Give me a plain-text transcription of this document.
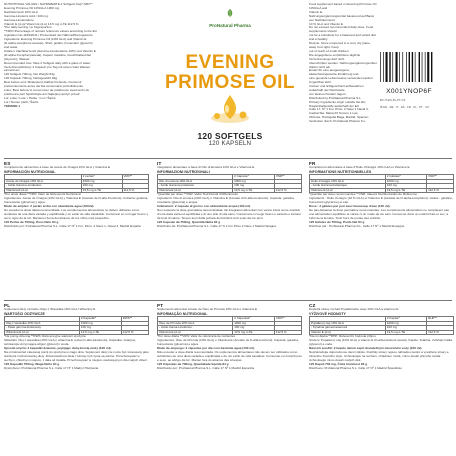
NUTRITIONAL VALUES / NÄHRWERTE 2 Softgels/ Kap* NRV**
Evening Primrose Oil 10%GLA 1000 mg
Nachtkerzenöl 10% GLA
Gamma-Linolenic Acid / 100 mg
Gamma-Linolensäure
Vitamin E (d-α)/ Vitamin E (d-α) 13.5 mg α-TE 112.5 %
*Per daily serving / je Tagesportion
**NRV=Percentage of nutrient reference values according to the EU
regulation No.1169/2011 / Prozentsatz der Nährstoffbezugswerte
Ingredients: Evening Primrose Oil (10% GLA) and Vitamin E
(D-alpha-tocopherol acetate). Shell: gelatin, humectant (glycerin)
and water.
Zutaten: Nachtkerzenöl (Gamma-Linolensäure 10%) und Vitamin E
(D-alpha-Tocopherylacetat). Kapsel: Gelatine, Feuchthaltemittel
(Glycerin), Wasser.
Recommended Use: Take 2 Softgels daily with a glass of water.
Verzehrempfehlung: 2 Kapseln pro Tag mit einem Glas Wasser
einnehmen.
120 Softgels 700mg, Net Weight 84g
120 Kapseln 700mg, Nettogewicht 84g
Best before end: Mindestens haltbar bis Ende: Consumir
preferentemente antes de/ Da consumarsi preferibilmente
entro: Best before/ A consommer de préférence avant la fin de
préférence par/ Spotřebujte do/ Najlepiej spożyć przed/
Lot: Lotto / Lote: / Partie: / Lot / Šarže:
Lot / Numer partii / Šarže
70835NO-1
ProNatural Pharma
EVENING
PRIMOSE OIL
120 SOFTGELS
120 KAPSELN
Food supplement based on Evening Primrose Oil 10%GLA and
Vitamin E.
Nahrungsergänzungsmittel basierend auf Basis von Nachtkerzenöl
10 % GLA und Vitamin E
Do not exceed recommended daily dose. Food supplements should
not be a substitute for a balanced and varied diet and a healthy
lifestyle. Store unopened in a cool, dry place, away from light. Keep
out of reach of small children.
Die angegebene empfohlene tägliche Verzehrsmenge darf nicht
überschritten werden. Nahrungsergänzungsmittel dürfen nicht als
Ersatz für eine ausgewogene, abwechslungsreiche Ernährung und
eine gesunde Lebensweise verwendet werden. Ungeöffnet kühl,
trocken und lichtgeschützt aufbewahren. Außerhalb der Reichweite
von kleinen Kindern lagern.
Distributed by ProNatural Pharma S.L.
Primary Ingredients origin outside the EU.
Hauptinhaltsstoffe außerhalb der EU
Calle 17, Nº 1 Km. Pinto, 2 Nave 1 Naval 3,
Capital Sta. Maria 03 Tercero 1 Las,
Oficinas, Hartogulla Baga, Madrid, Spanien
Vertrieben durch: ProNatural Pharma S.L.
X001YNOP6F
BC-IT-ES-PL-PT-CZ
♻ EN · DE · IT · ES · FR · PL · PT · CZ
ES
Complemento alimenticio a base de Aceite de Onagra 10% GLA y Vitamina E
INFORMACIÓN NUTRICIONAL
	2 perlas*	VRN**
Aceite de Onagra 10% GLA	1000 mg	
- Ácido Gamma-Linolénico	100 mg	
Vitamina E (d-α)	13,5 mg α-TE	112,5 %
*Por dosis diaria **VRN: Valor de Referencia Nutricional
Ingredientes: Aceite de Onagra (10% GLA) y Vitamina E (Acetato de D-alfa-Tocoferol). Cubierta: gelatina, humectante (glicerina) y agua.
Modo de empleo: 2 perlas al día con abundante agua (100ml).
No exceder la dosis diaria recomendada. Los complementos alimenticios no deben utilizarse como sustitutos de una dieta variada y equilibrada y un estilo de vida saludable. Conservar en un lugar fresco y seco, lejos de la luz. Mantener fuera del alcance de los niños más pequeños.
120 Perlas de 700mg, Peso Neto 84 g
Distribuido por: ProNatural Pharma S.L. Calle 17 Nº 1 Km. Pinto. 2 Nave 1, Naval 3, Madrid España
IT
Integratore alimentare a base di Olio di Enotera 10% GLA e Vitamina E
INFORMAZIONI NUTRIZIONALI
	2 Capsule*	VNR**
Olio di enotera 10% GLA	1000 mg	
- Acido Gamma-Linolenico	100 mg	
Vitamina E (d-α)	13,5 mg α-TE	112,5 %
*Quantità per dose **VNR: Valori Nutrizionali di Riferimento
Ingredienti: Olio di enotera (10% GLA) e Vitamina E (Acetato di D-alfa-tocoferolo). Capsula: gelatina, umettante (glicerina) e acqua.
Indicazioni: 2 capsule al giorno con abbondante acqua (100 ml).
Non superare la dose giornaliera raccomandata. Gli integratori alimentari non vanno intesi come sostituti di una dieta varia ed equilibrata e di uno stile di vita sano. Conservare in luogo fresco e asciutto e lontano da fonti di calore. Tenere fuori dalla portata dei bambini al di sotto dei tre anni.
120 Capsule da 700mg, Quantità Netta 84 g
Distribuito da: ProNatural Pharma S.L. Calle 17 N 1 Km Pinto 2 Nave 1 Madrid Spagna
FR
Complément alimentaire à base d'Huile d'Onagre 10% GLA et Vitamine E
INFORMATIONS NUTRITIONNELLES
	2 Gélules*	VNR**
Huile d'onagre 10% GLA	1000 mg	
- Acide Gamma-linolénique	100 mg	
Vitamine E (d-α)	13,5 mg α-TE	112,5 %
*Quantité par dose recommandée **VNR: Valeurs Nutritionnelles de Référence
Ingrédients : Huile d'onagre (10 % GLA) et Vitamine E (Acétate de D-alpha-tocophérol). Gélule : gélatine, humectant (glycérine) et eau.
Dose : 2 gélules par jour avec beaucoup d'eau (100 ml).
Ne pas dépasser la dose journalière recommandée. Les compléments alimentaires ne remplacent pas une alimentation équilibrée et variée ni un mode de vie sain. Conserver dans un endroit frais et sec, à l'abri de la lumière. Tenir hors de portée des enfants.
120 Gélules de 700mg, Poids Net 84 g
Distribué par : ProNatural Pharma S.L. Calle 17 Nº 1 Madrid Espagne
PL
Suplement diety na bazie Oleju z Wiesiołka 10% GLA i Witaminy E
WARTOŚCI ODŻYWCZE
	2 Kapsułki*	RWS**
Olej z wiesiołka 10% GLA	1000 mg	
- Kwas gamma-linolenowy	100 mg	
Witamina E (d-α)	13,5 mg α-TE	112,5 %
*Na porcję dzienną **RWS: Referencyjne wartości spożycia
Składniki: Olej z wiesiołka (10% GLA) i witamina E (octan D-alfa-tokoferolu). Kapsułka: żelatyna, substancja utrzymująca wilgoć (glicerol) i woda.
Sposób użycia: 2 kapsułki dziennie, popijając dużą ilością wody (100 ml).
Nie przekraczać zalecanej porcji do spożycia w ciągu dnia. Suplement diety nie może być stosowany jako substytut zróżnicowanej diety. Zrównoważona dieta i zdrowy tryb życia są ważne. Przechowywać w suchym, chłodnym miejscu, z dala od światła. Przechowywać w miejscu niedostępnym dla małych dzieci.
120 Kapsułki 700mg, Waga Netto 84 g
Dystrybutor: ProNatural Pharma S.L. Calle 17 Nº 1 Madryt Hiszpania
PT
Suplemento alimentar à base de Óleo de Prímula 10% GLA e Vitamina E
INFORMAÇÃO NUTRICIONAL
	2 Cápsulas*	VRN**
Óleo de Prímula 10% GLA	1000 mg	
- Ácido Gama-Linolénico	100 mg	
Vitamina E (d-α)	13,5 mg α-TE	112,5 %
*Por dose diária **VRN: Valor de referência de nutrientes
Ingredientes: Óleo de Prímula (10% GLA) e Vitamina E (Acetato de D-alfa-tocoferol). Cápsula: gelatina, humectante (glicerina) e água.
Modo de emprego: 2 cápsulas por dia com bastante água (100 ml).
Não exceder a dose diária recomendada. Os suplementos alimentares não devem ser utilizados como substitutos de uma dieta variada e equilibrada e de um estilo de vida saudável. Conservar em local fresco e seco, ao abrigo da luz. Manter fora do alcance das crianças.
120 Cápsulas de 700mg, Quantidade líquida 84 g
Distribuído por: ProNatural Pharma S.L. Calle 17 Nº 1 Madrid Espanha
CZ
Doplněk stravy na bázi Pupalkového oleje 10% GLA a vitamínu E
VÝŽIVOVÉ HODNOTY
	2 Kapsle*	RHP**
Pupalkový olej 10% GLA	1000 mg	
- Kyselina gama-linolenová	100 mg	
Vitamin E (d-α)	13,5 mg α-TE	112,5 %
*Denní dávka **RHP: Referenční hodnota příjmu
Složení: Pupalkový olej (10% GLA) a vitamin E (D-alfa-tokoferol acetát). Kapsle: želatina, zvlhčující látka (glycerol) a voda.
Návod k použití: 2 kapsle denně zapít dostatečným množstvím vody (100 ml).
Nepřekračujte doporučenou denní dávku. Doplňky stravy nejsou náhradou pestré a vyvážené stravy a zdravého životního stylu. Uchovávejte na suchém, chladném místě, mimo dosah přímého světla. Uchovávejte mimo dosah malých dětí.
120 Kapslí 700 mg, Čistá hmotnost 84 g
Distribuce: ProNatural Pharma S.L. Calle 17 Nº 1 Madrid Španělsko
